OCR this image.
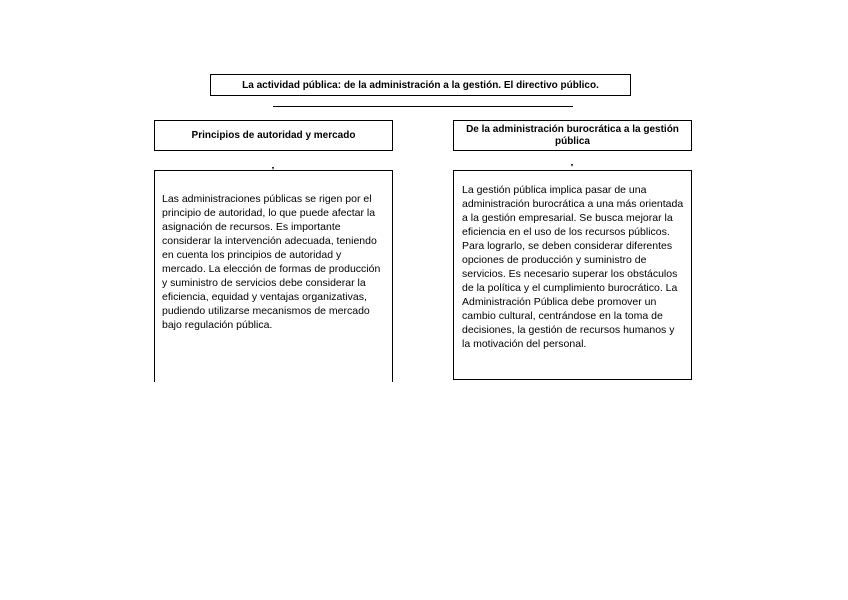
La actividad pública: de la administración a la gestión. El directivo público.
Principios de autoridad y mercado
De la administración burocrática a la gestión pública

Las administraciones públicas se rigen por el principio de autoridad, lo que puede afectar la asignación de recursos. Es importante considerar la intervención adecuada, teniendo en cuenta los principios de autoridad y mercado. La elección de formas de producción y suministro de servicios debe considerar la eficiencia, equidad y ventajas organizativas, pudiendo utilizarse mecanismos de mercado bajo regulación pública.

La gestión pública implica pasar de una administración burocrática a una más orientada a la gestión empresarial. Se busca mejorar la eficiencia en el uso de los recursos públicos. Para lograrlo, se deben considerar diferentes opciones de producción y suministro de servicios. Es necesario superar los obstáculos de la política y el cumplimiento burocrático. La Administración Pública debe promover un cambio cultural, centrándose en la toma de decisiones, la gestión de recursos humanos y la motivación del personal.
